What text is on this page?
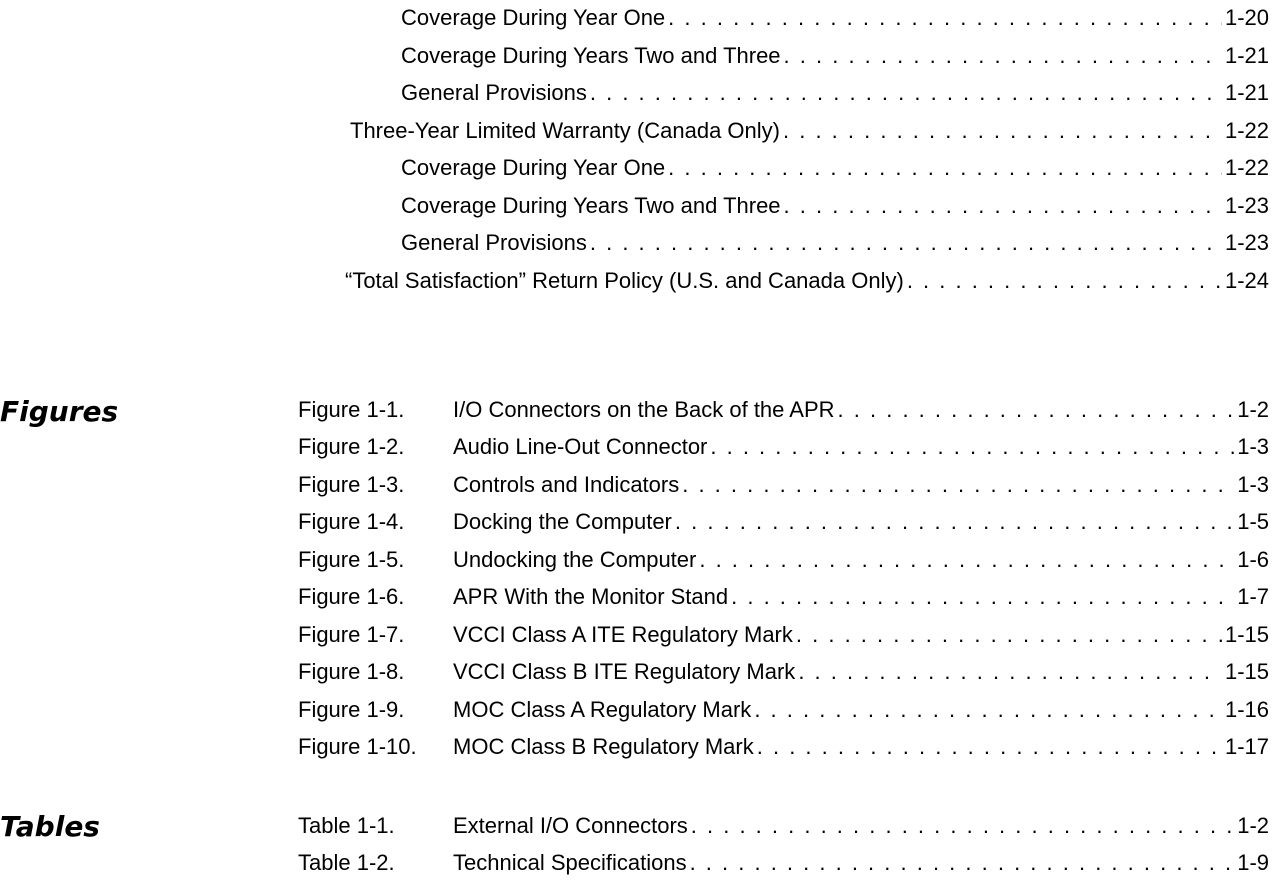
Coverage During Year One . . .	1-20
Coverage During Years Two and Three . . .	1-21
General Provisions . . .	1-21
Three-Year Limited Warranty (Canada Only) . . .	1-22
Coverage During Year One . . .	1-22
Coverage During Years Two and Three . . .	1-23
General Provisions . . .	1-23
“Total Satisfaction” Return Policy (U.S. and Canada Only) . . .	1-24
Figures	Figure 1-1.	I/O Connectors on the Back of the APR . . .	1-2
Figure 1-2.	Audio Line-Out Connector . . .	1-3
Figure 1-3.	Controls and Indicators . . .	1-3
Figure 1-4.	Docking the Computer . . .	1-5
Figure 1-5.	Undocking the Computer . . .	1-6
Figure 1-6.	APR With the Monitor Stand . . .	1-7
Figure 1-7.	VCCI Class A ITE Regulatory Mark . . .	1-15
Figure 1-8.	VCCI Class B ITE Regulatory Mark . . .	1-15
Figure 1-9.	MOC Class A Regulatory Mark . . .	1-16
Figure 1-10.	MOC Class B Regulatory Mark . . .	1-17
Tables	Table 1-1.	External I/O Connectors . . .	1-2
Table 1-2.	Technical Specifications . . .	1-9
